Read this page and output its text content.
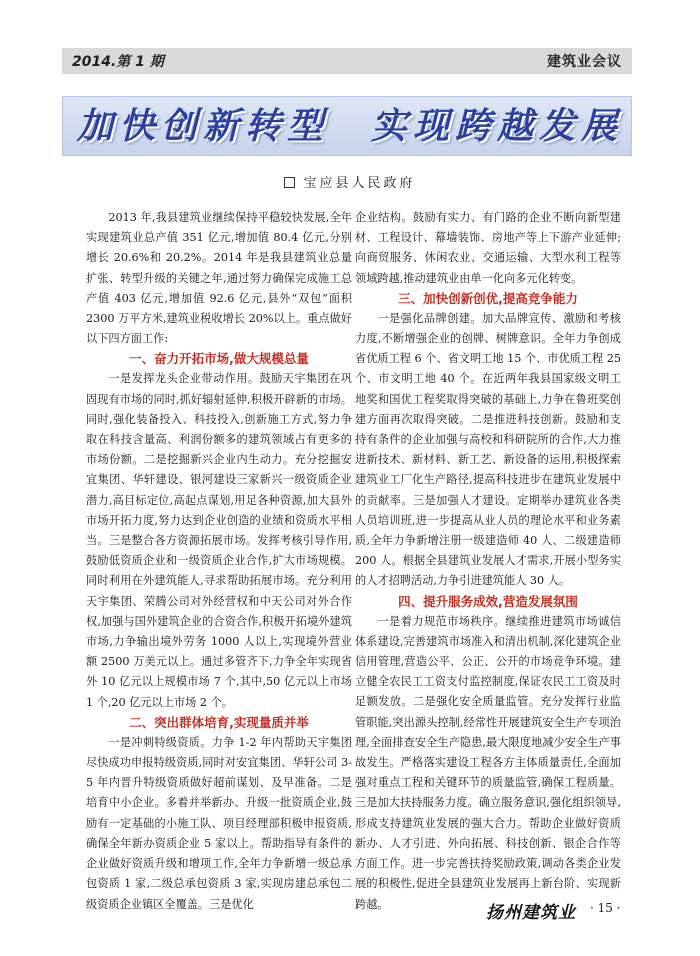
2014.第 1 期	建筑业会议
加快创新转型　实现跨越发展
宝应县人民政府

2013 年,我县建筑业继续保持平稳较快发展,全年实现建筑业总产值 351 亿元,增加值 80.4 亿元,分别增长 20.6%和 20.2%。2014 年是我县建筑业总量扩张、转型升级的关键之年,通过努力确保完成施工总产值 403 亿元,增加值 92.6 亿元,县外“双包”面积 2300 万平方米,建筑业税收增长 20%以上。重点做好以下四方面工作:

一、奋力开拓市场,做大规模总量

一是发挥龙头企业带动作用。鼓励天宇集团在巩固现有市场的同时,抓好辐射延伸,积极开辟新的市场。同时,强化装备投入、科技投入,创新施工方式,努力争取在科技含量高、利润份额多的建筑领域占有更多的市场份额。二是挖掘新兴企业内生动力。充分挖掘安宜集团、华轩建设、银河建设三家新兴一级资质企业潜力,高目标定位,高起点谋划,用足各种资源,加大县外市场开拓力度,努力达到企业创造的业绩和资质水平相当。三是整合各方资源拓展市场。发挥考核引导作用,鼓励低资质企业和一级资质企业合作,扩大市场规模。同时利用在外建筑能人,寻求帮助拓展市场。充分利用天宇集团、荣腾公司对外经营权和中天公司对外合作权,加强与国外建筑企业的合资合作,积极开拓境外建筑市场,力争输出境外劳务 1000 人以上,实现境外营业额 2500 万美元以上。通过多管齐下,力争全年实现省外 10 亿元以上规模市场 7 个,其中,50 亿元以上市场 1 个,20 亿元以上市场 2 个。

二、突出群体培育,实现量质并举

一是冲刺特级资质。力争 1-2 年内帮助天宇集团尽快成功申报特级资质,同时对安宜集团、华轩公司 3-5 年内晋升特级资质做好超前谋划、及早准备。二是培育中小企业。多着并举新办、升级一批资质企业,鼓励有一定基础的小施工队、项目经理部积极申报资质,确保全年新办资质企业 5 家以上。帮助指导有条件的企业做好资质升级和增项工作,全年力争新增一级总承包资质 1 家,二级总承包资质 3 家,实现房建总承包二级资质企业镇区全覆盖。三是优化

企业结构。鼓励有实力、有门路的企业不断向新型建材、工程设计、幕墙装饰、房地产等上下游产业延伸;向商贸服务、休闲农业、交通运输、大型水利工程等领域跨越,推动建筑业由单一化向多元化转变。

三、加快创新创优,提高竞争能力

一是强化品牌创建。加大品牌宣传、激励和考核力度,不断增强企业的创牌、树牌意识。全年力争创成省优质工程 6 个、省文明工地 15 个、市优质工程 25 个、市文明工地 40 个。在近两年我县国家级文明工地奖和国优工程奖取得突破的基础上,力争在鲁班奖创建方面再次取得突破。二是推进科技创新。鼓励和支持有条件的企业加强与高校和科研院所的合作,大力推进新技术、新材料、新工艺、新设备的运用,积极探索建筑业工厂化生产路径,提高科技进步在建筑业发展中的贡献率。三是加强人才建设。定期举办建筑业各类人员培训班,进一步提高从业人员的理论水平和业务素质,全年力争新增注册一级建造师 40 人、二级建造师 200 人。根据全县建筑业发展人才需求,开展小型务实的人才招聘活动,力争引进建筑能人 30 人。

四、提升服务成效,营造发展氛围

一是着力规范市场秩序。继续推进建筑市场诚信体系建设,完善建筑市场准入和清出机制,深化建筑企业信用管理,营造公平、公正、公开的市场竞争环境。建立健全农民工工资支付监控制度,保证农民工工资及时足额发放。二是强化安全质量监管。充分发挥行业监管职能,突出源头控制,经常性开展建筑安全生产专项治理,全面排查安全生产隐患,最大限度地减少安全生产事故发生。严格落实建设工程各方主体质量责任,全面加强对重点工程和关键环节的质量监管,确保工程质量。三是加大扶持服务力度。确立服务意识,强化组织领导,形成支持建筑业发展的强大合力。帮助企业做好资质新办、人才引进、外向拓展、科技创新、银企合作等方面工作。进一步完善扶持奖励政策,调动各类企业发展的积极性,促进全县建筑业发展再上新台阶、实现新跨越。	扬州建筑业 · 15 ·
